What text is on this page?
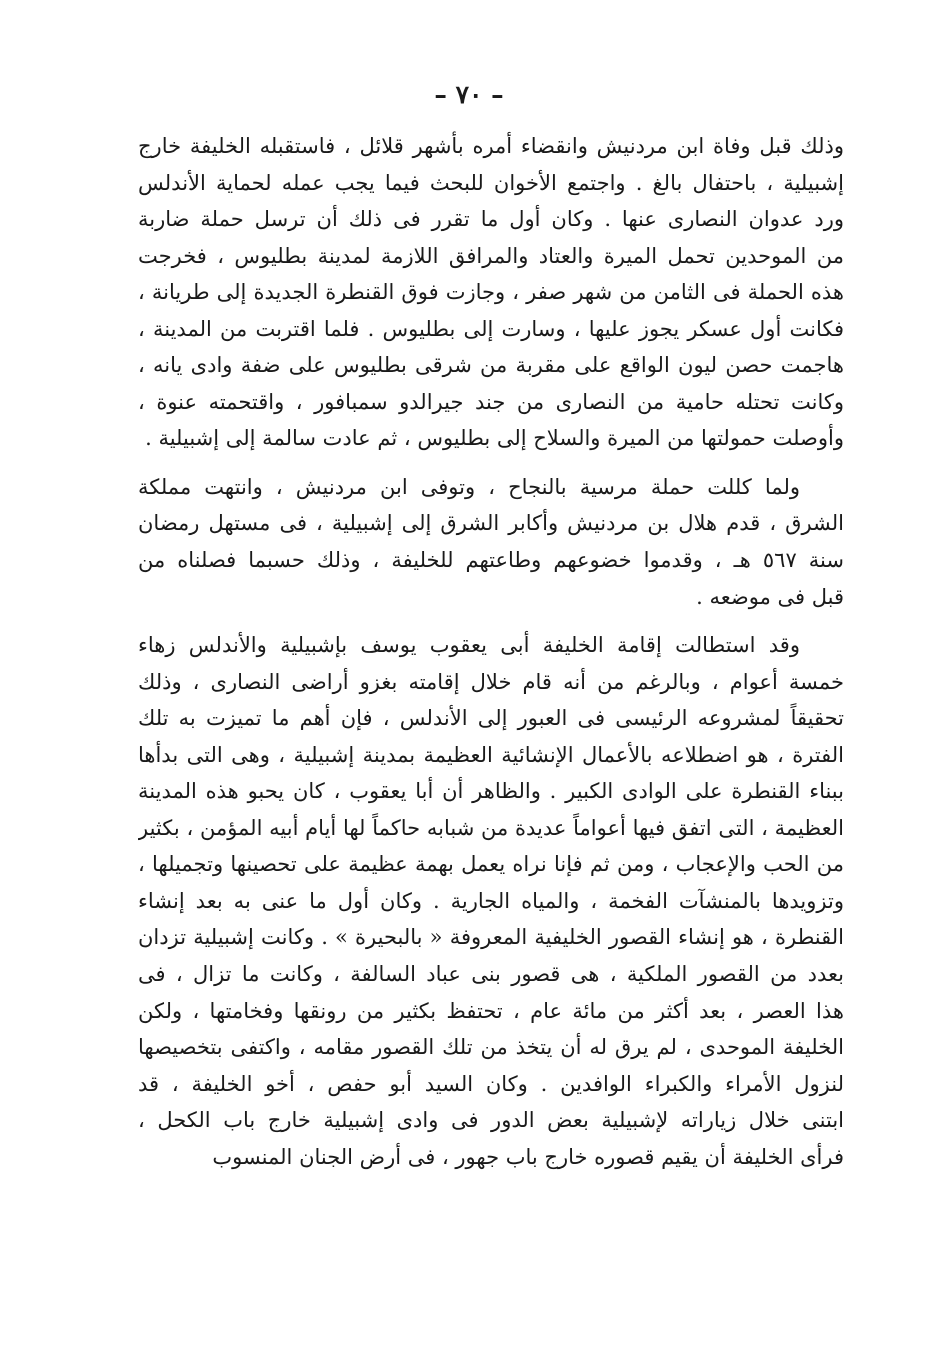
– ٧٠ –
وذلك قبل وفاة ابن مردنيش وانقضاء أمره بأشهر قلائل ، فاستقبله الخليفة خارج
إشبيلية ، باحتفال بالغ . واجتمع الأخوان للبحث فيما يجب عمله لحماية الأندلس
ورد عدوان النصارى عنها . وكان أول ما تقرر فى ذلك أن ترسل حملة ضاربة
من الموحدين تحمل الميرة والعتاد والمرافق اللازمة لمدينة بطليوس ، فخرجت
هذه الحملة فى الثامن من شهر صفر ، وجازت فوق القنطرة الجديدة إلى طريانة ،
فكانت أول عسكر يجوز عليها ، وسارت إلى بطليوس . فلما اقتربت من المدينة ،
هاجمت حصن ليون الواقع على مقربة من شرقى بطليوس على ضفة وادى يانه ،
وكانت تحتله حامية من النصارى من جند جيرالدو سمبافور ، واقتحمته عنوة ،
وأوصلت حمولتها من الميرة والسلاح إلى بطليوس ، ثم عادت سالمة إلى إشبيلية .
ولما كللت حملة مرسية بالنجاح ، وتوفى ابن مردنيش ، وانتهت مملكة
الشرق ، قدم هلال بن مردنيش وأكابر الشرق إلى إشبيلية ، فى مستهل رمضان
سنة ٥٦٧ هـ ، وقدموا خضوعهم وطاعتهم للخليفة ، وذلك حسبما فصلناه من
قبل فى موضعه .
وقد استطالت إقامة الخليفة أبى يعقوب يوسف بإشبيلية والأندلس زهاء
خمسة أعوام ، وبالرغم من أنه قام خلال إقامته بغزو أراضى النصارى ، وذلك
تحقيقاً لمشروعه الرئيسى فى العبور إلى الأندلس ، فإن أهم ما تميزت به تلك
الفترة ، هو اضطلاعه بالأعمال الإنشائية العظيمة بمدينة إشبيلية ، وهى التى بدأها
ببناء القنطرة على الوادى الكبير . والظاهر أن أبا يعقوب ، كان يحبو هذه المدينة
العظيمة ، التى اتفق فيها أعواماً عديدة من شبابه حاكماً لها أيام أبيه المؤمن ، بكثير
من الحب والإعجاب ، ومن ثم فإنا نراه يعمل بهمة عظيمة على تحصينها وتجميلها ،
وتزويدها بالمنشآت الفخمة ، والمياه الجارية . وكان أول ما عنى به بعد إنشاء
القنطرة ، هو إنشاء القصور الخليفية المعروفة « بالبحيرة » . وكانت إشبيلية تزدان
بعدد من القصور الملكية ، هى قصور بنى عباد السالفة ، وكانت ما تزال ، فى
هذا العصر ، بعد أكثر من مائة عام ، تحتفظ بكثير من رونقها وفخامتها ، ولكن
الخليفة الموحدى ، لم يرق له أن يتخذ من تلك القصور مقامه ، واكتفى بتخصيصها
لنزول الأمراء والكبراء الوافدين . وكان السيد أبو حفص ، أخو الخليفة ، قد
ابتنى خلال زياراته لإشبيلية بعض الدور فى وادى إشبيلية خارج باب الكحل ،
فرأى الخليفة أن يقيم قصوره خارج باب جهور ، فى أرض الجنان المنسوب
